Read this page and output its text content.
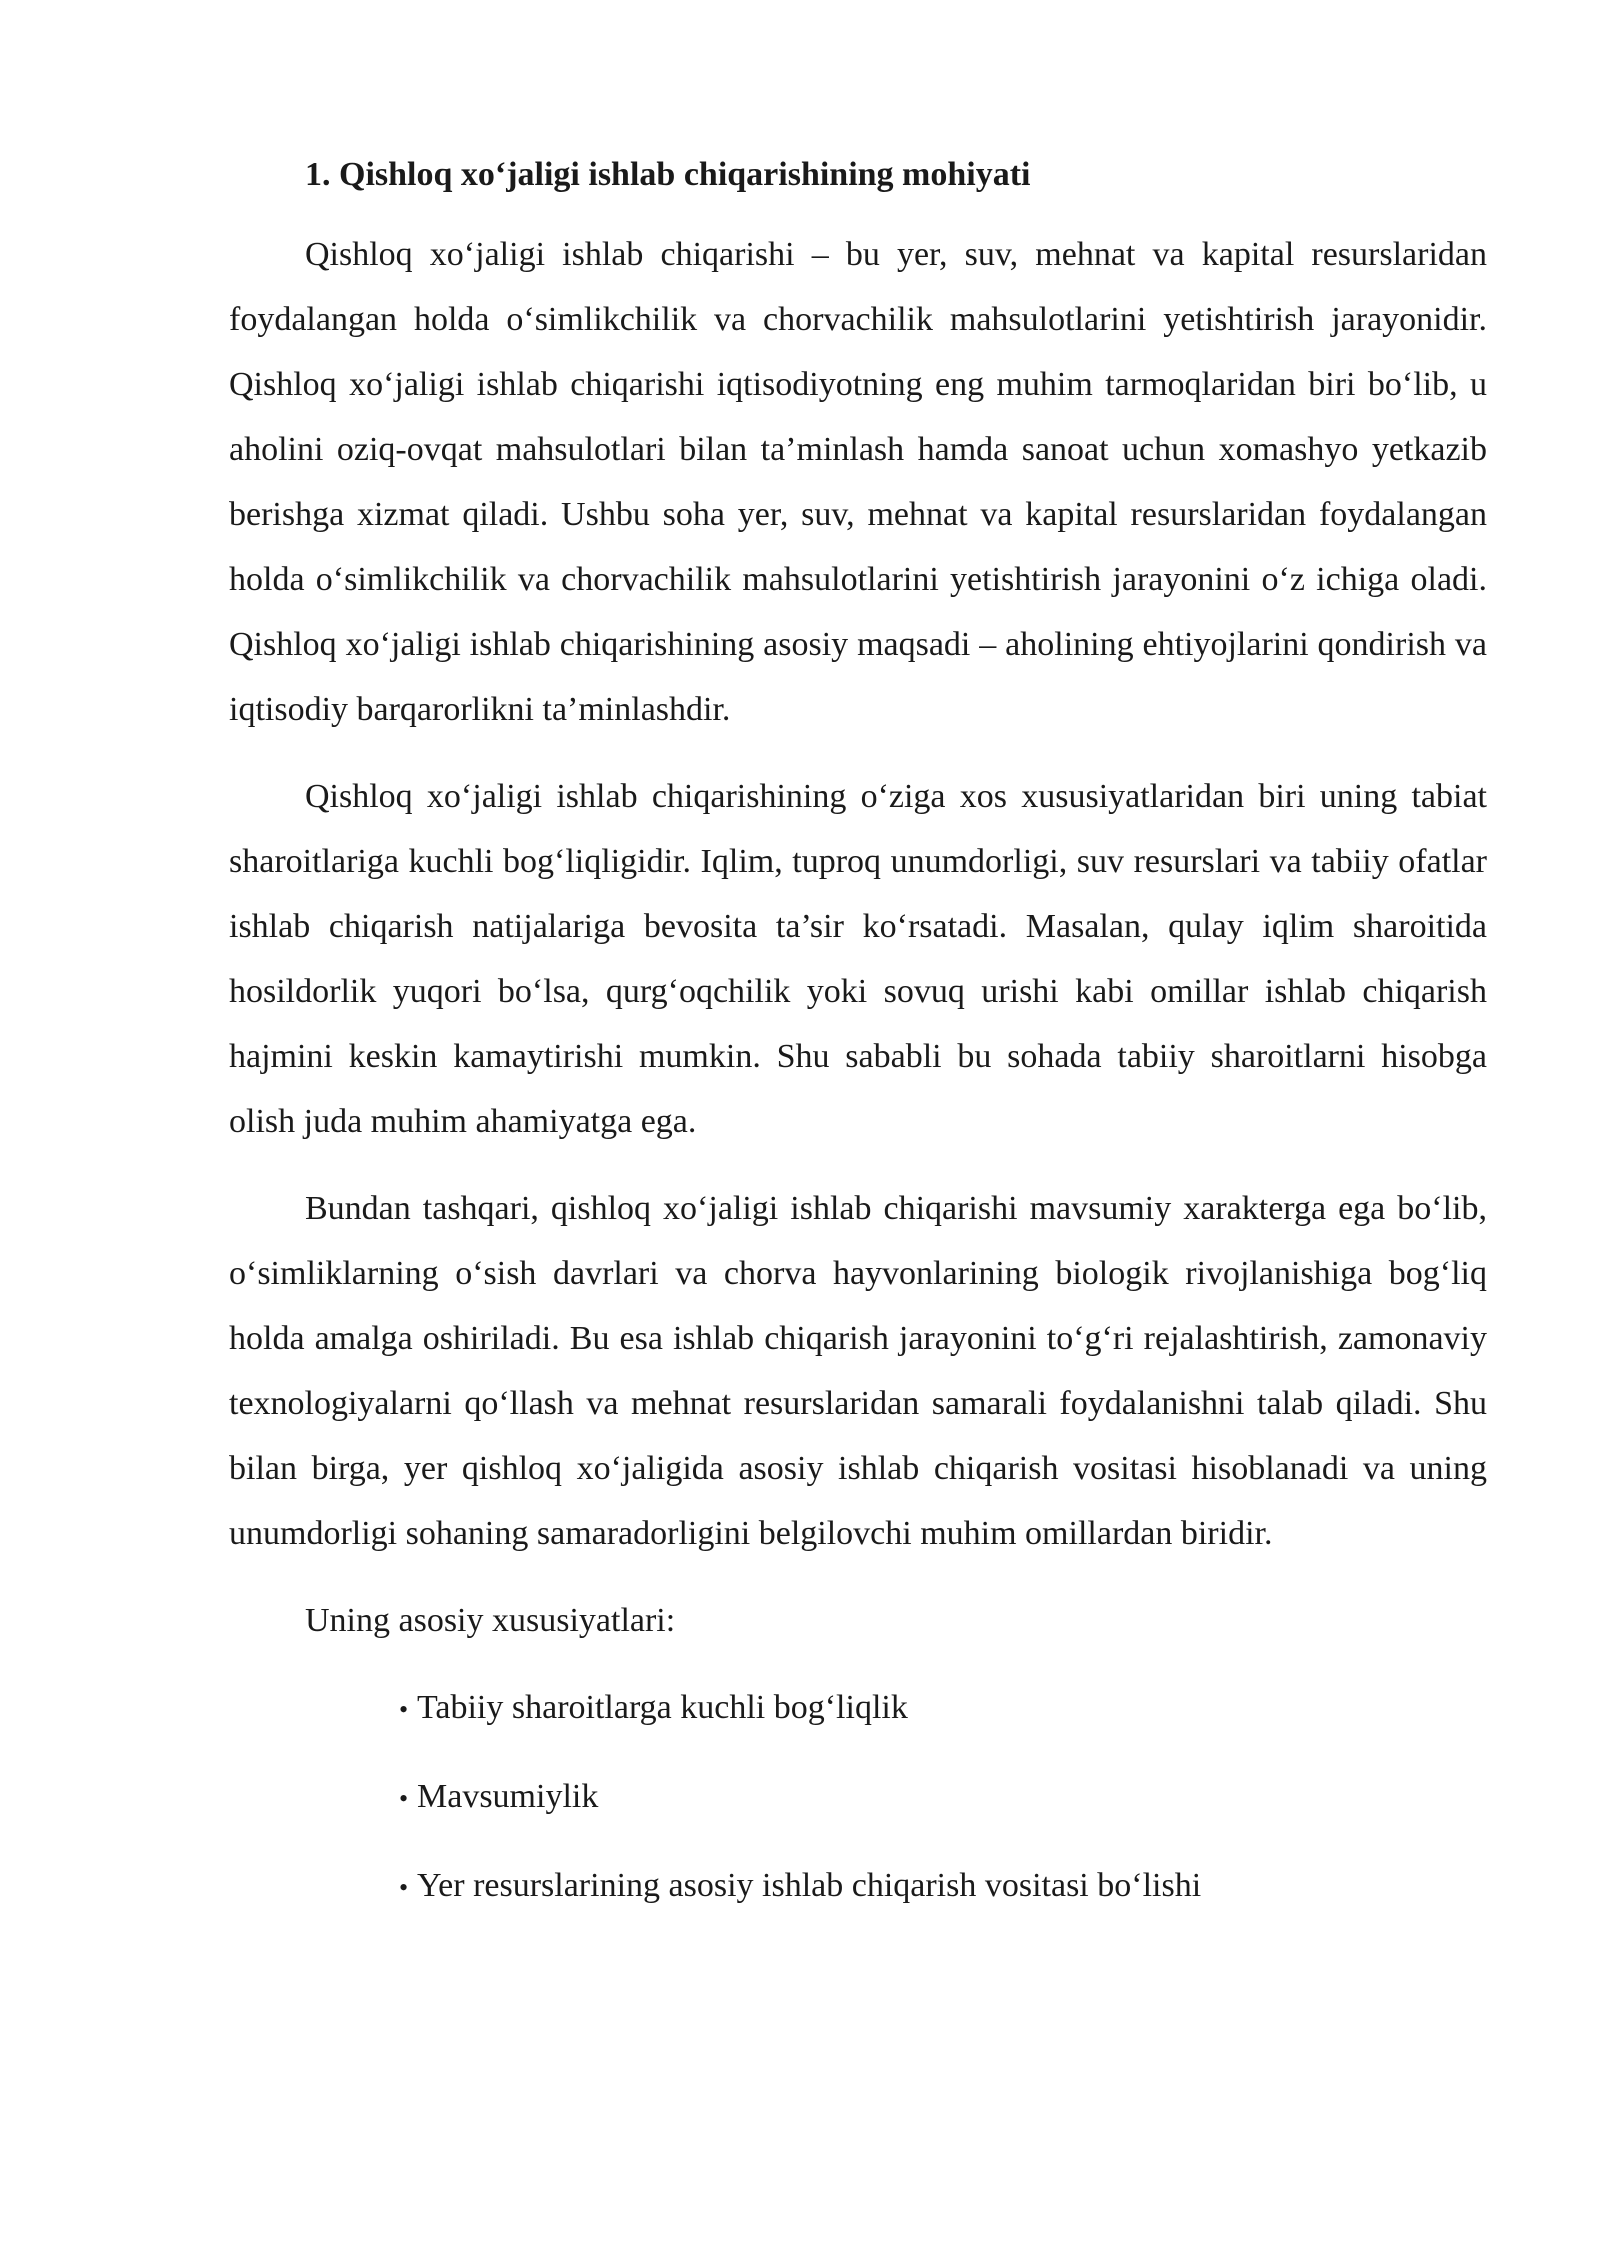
1. Qishloq xo‘jaligi ishlab chiqarishining mohiyati

Qishloq xo‘jaligi ishlab chiqarishi – bu yer, suv, mehnat va kapital resurslaridan foydalangan holda o‘simlikchilik va chorvachilik mahsulotlarini yetishtirish jarayonidir. Qishloq xo‘jaligi ishlab chiqarishi iqtisodiyotning eng muhim tarmoqlaridan biri bo‘lib, u aholini oziq-ovqat mahsulotlari bilan ta’minlash hamda sanoat uchun xomashyo yetkazib berishga xizmat qiladi. Ushbu soha yer, suv, mehnat va kapital resurslaridan foydalangan holda o‘simlikchilik va chorvachilik mahsulotlarini yetishtirish jarayonini o‘z ichiga oladi. Qishloq xo‘jaligi ishlab chiqarishining asosiy maqsadi – aholining ehtiyojlarini qondirish va iqtisodiy barqarorlikni ta’minlashdir.

Qishloq xo‘jaligi ishlab chiqarishining o‘ziga xos xususiyatlaridan biri uning tabiat sharoitlariga kuchli bog‘liqligidir. Iqlim, tuproq unumdorligi, suv resurslari va tabiiy ofatlar ishlab chiqarish natijalariga bevosita ta’sir ko‘rsatadi. Masalan, qulay iqlim sharoitida hosildorlik yuqori bo‘lsa, qurg‘oqchilik yoki sovuq urishi kabi omillar ishlab chiqarish hajmini keskin kamaytirishi mumkin. Shu sababli bu sohada tabiiy sharoitlarni hisobga olish juda muhim ahamiyatga ega.

Bundan tashqari, qishloq xo‘jaligi ishlab chiqarishi mavsumiy xarakterga ega bo‘lib, o‘simliklarning o‘sish davrlari va chorva hayvonlarining biologik rivojlanishiga bog‘liq holda amalga oshiriladi. Bu esa ishlab chiqarish jarayonini to‘g‘ri rejalashtirish, zamonaviy texnologiyalarni qo‘llash va mehnat resurslaridan samarali foydalanishni talab qiladi. Shu bilan birga, yer qishloq xo‘jaligida asosiy ishlab chiqarish vositasi hisoblanadi va uning unumdorligi sohaning samaradorligini belgilovchi muhim omillardan biridir.

Uning asosiy xususiyatlari:

• Tabiiy sharoitlarga kuchli bog‘liqlik
• Mavsumiylik
• Yer resurslarining asosiy ishlab chiqarish vositasi bo‘lishi
